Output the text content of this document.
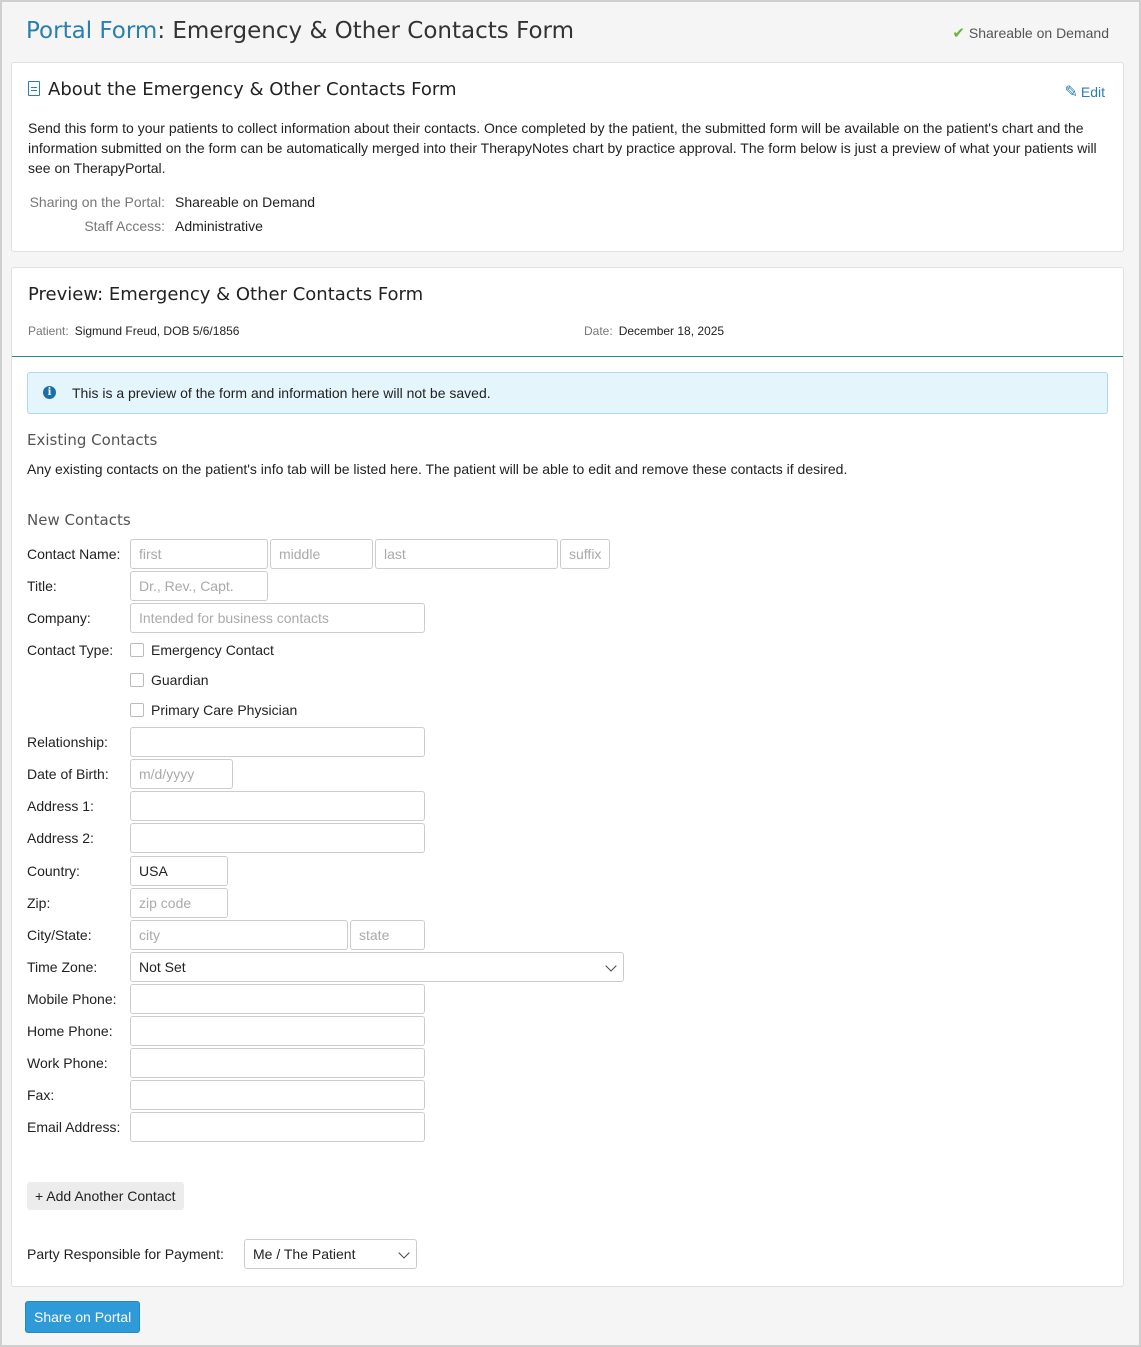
Portal Form: Emergency & Other Contacts Form	✔ Shareable on Demand
About the Emergency & Other Contacts Form	✎ Edit
Send this form to your patients to collect information about their contacts. Once completed by the patient, the submitted form will be available on the patient's chart and the information submitted on the form can be automatically merged into their TherapyNotes chart by practice approval. The form below is just a preview of what your patients will see on TherapyPortal.
Sharing on the Portal: Shareable on Demand
Staff Access: Administrative
Preview: Emergency & Other Contacts Form
Patient: Sigmund Freud, DOB 5/6/1856	Date: December 18, 2025
i	This is a preview of the form and information here will not be saved.
Existing Contacts
Any existing contacts on the patient's info tab will be listed here. The patient will be able to edit and remove these contacts if desired.
New Contacts
Contact Name:	first	middle	last	suffix
Title:	Dr., Rev., Capt.
Company:	Intended for business contacts
Contact Type:	Emergency Contact
Guardian
Primary Care Physician
Relationship:
Date of Birth:	m/d/yyyy
Address 1:
Address 2:
Country:	USA
Zip:	zip code
City/State:	city	state
Time Zone:	Not Set
Mobile Phone:
Home Phone:
Work Phone:
Fax:
Email Address:
+ Add Another Contact
Party Responsible for Payment:	Me / The Patient
Share on Portal
